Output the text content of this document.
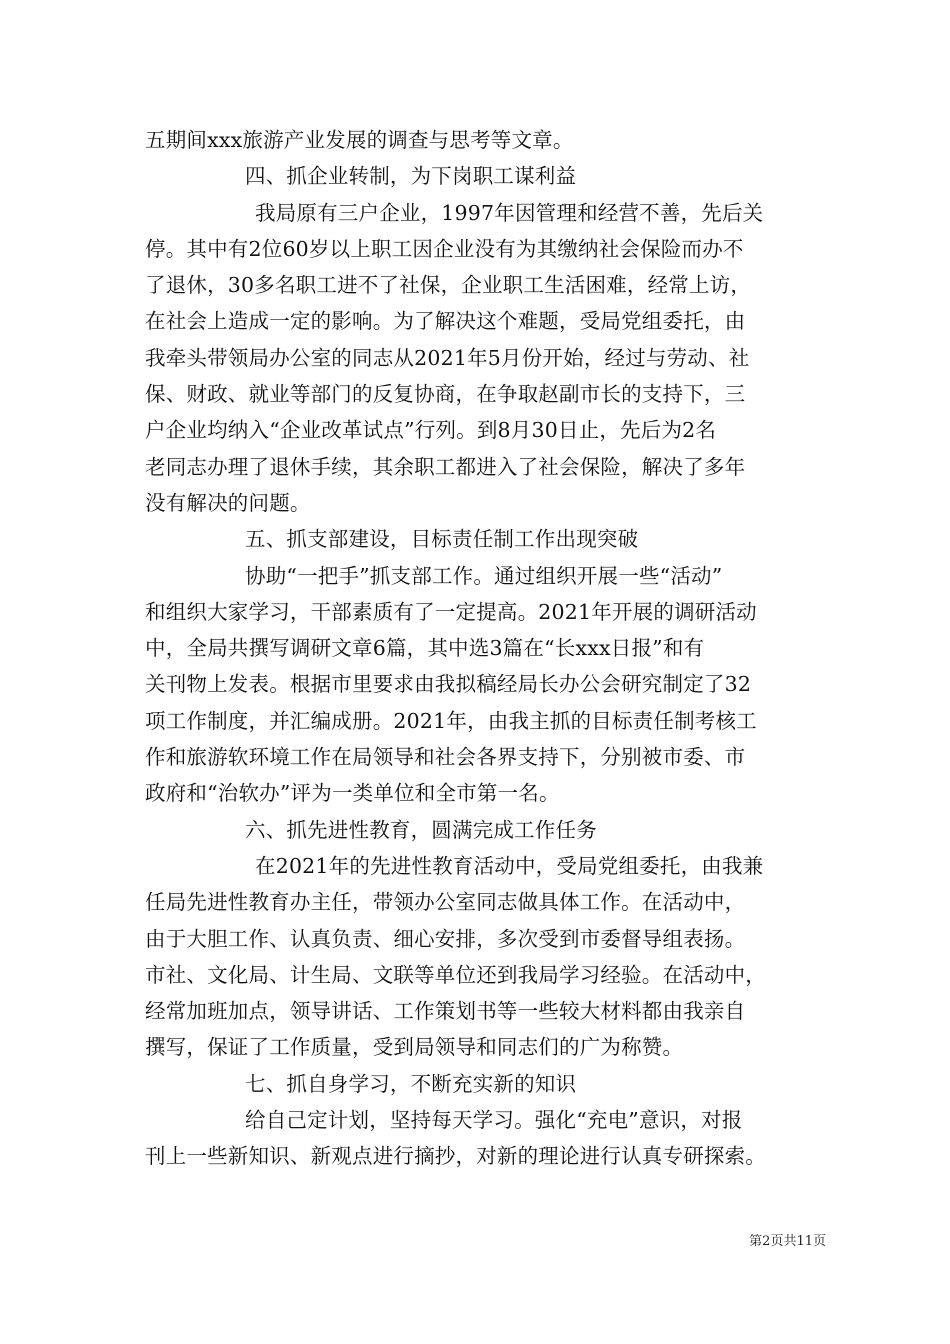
五期间xxx旅游产业发展的调查与思考等文章。
四、抓企业转制，为下岗职工谋利益
我局原有三户企业，1997年因管理和经营不善，先后关
停。其中有2位60岁以上职工因企业没有为其缴纳社会保险而办不
了退休，30多名职工进不了社保，企业职工生活困难，经常上访，
在社会上造成一定的影响。为了解决这个难题，受局党组委托，由
我牵头带领局办公室的同志从2021年5月份开始，经过与劳动、社
保、财政、就业等部门的反复协商，在争取赵副市长的支持下，三
户企业均纳入“企业改革试点”行列。到8月30日止，先后为2名
老同志办理了退休手续，其余职工都进入了社会保险，解决了多年
没有解决的问题。
五、抓支部建设，目标责任制工作出现突破
协助“一把手”抓支部工作。通过组织开展一些“活动”
和组织大家学习，干部素质有了一定提高。2021年开展的调研活动
中，全局共撰写调研文章6篇，其中选3篇在“长xxx日报”和有
关刊物上发表。根据市里要求由我拟稿经局长办公会研究制定了32
项工作制度，并汇编成册。2021年，由我主抓的目标责任制考核工
作和旅游软环境工作在局领导和社会各界支持下，分别被市委、市
政府和“治软办”评为一类单位和全市第一名。
六、抓先进性教育，圆满完成工作任务
在2021年的先进性教育活动中，受局党组委托，由我兼
任局先进性教育办主任，带领办公室同志做具体工作。在活动中，
由于大胆工作、认真负责、细心安排，多次受到市委督导组表扬。
市社、文化局、计生局、文联等单位还到我局学习经验。在活动中，
经常加班加点，领导讲话、工作策划书等一些较大材料都由我亲自
撰写，保证了工作质量，受到局领导和同志们的广为称赞。
七、抓自身学习，不断充实新的知识
给自己定计划，坚持每天学习。强化“充电”意识，对报
刊上一些新知识、新观点进行摘抄，对新的理论进行认真专研探索。
第2页共11页
